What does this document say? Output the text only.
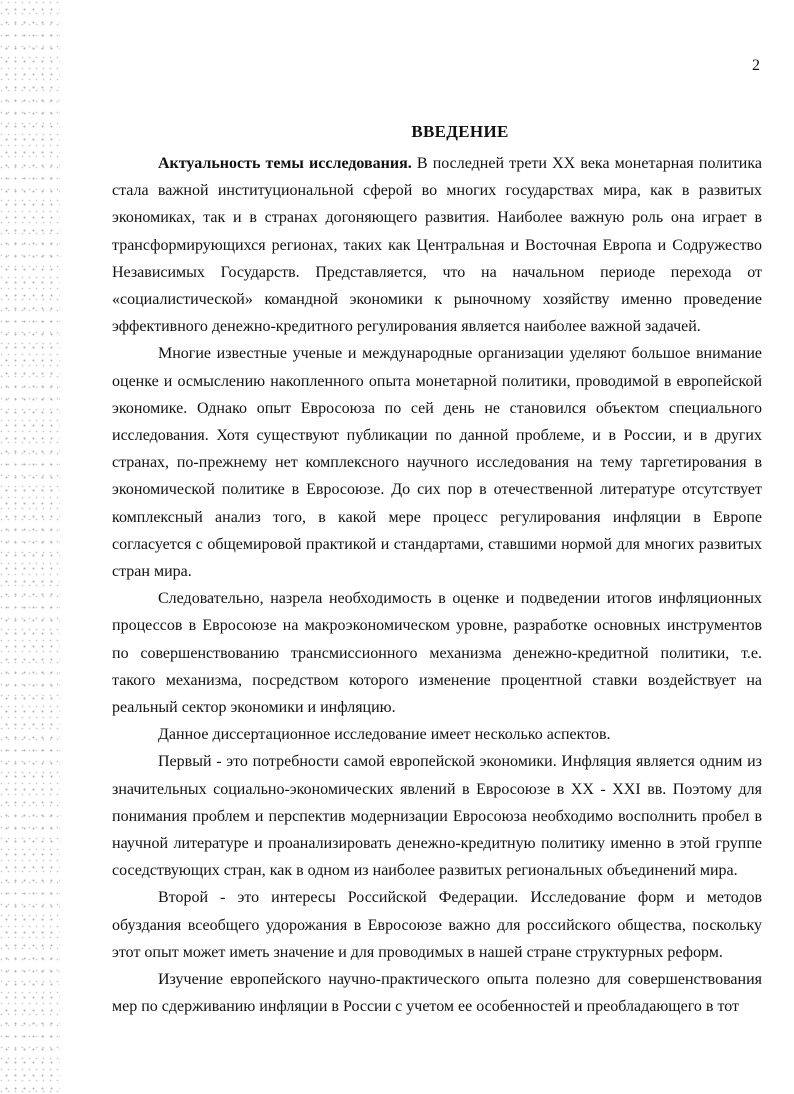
2
ВВЕДЕНИЕ

Актуальность темы исследования. В последней трети XX века монетарная политика стала важной институциональной сферой во многих государствах мира, как в развитых экономиках, так и в странах догоняющего развития. Наиболее важную роль она играет в трансформирующихся регионах, таких как Центральная и Восточная Европа и Содружество Независимых Государств. Представляется, что на начальном периоде перехода от «социалистической» командной экономики к рыночному хозяйству именно проведение эффективного денежно-кредитного регулирования является наиболее важной задачей.

Многие известные ученые и международные организации уделяют большое внимание оценке и осмыслению накопленного опыта монетарной политики, проводимой в европейской экономике. Однако опыт Евросоюза по сей день не становился объектом специального исследования. Хотя существуют публикации по данной проблеме, и в России, и в других странах, по-прежнему нет комплексного научного исследования на тему таргетирования в экономической политике в Евросоюзе. До сих пор в отечественной литературе отсутствует комплексный анализ того, в какой мере процесс регулирования инфляции в Европе согласуется с общемировой практикой и стандартами, ставшими нормой для многих развитых стран мира.

Следовательно, назрела необходимость в оценке и подведении итогов инфляционных процессов в Евросоюзе на макроэкономическом уровне, разработке основных инструментов по совершенствованию трансмиссионного механизма денежно-кредитной политики, т.е. такого механизма, посредством которого изменение процентной ставки воздействует на реальный сектор экономики и инфляцию.

Данное диссертационное исследование имеет несколько аспектов.

Первый - это потребности самой европейской экономики. Инфляция является одним из значительных социально-экономических явлений в Евросоюзе в XX - XXI вв. Поэтому для понимания проблем и перспектив модернизации Евросоюза необходимо восполнить пробел в научной литературе и проанализировать денежно-кредитную политику именно в этой группе соседствующих стран, как в одном из наиболее развитых региональных объединений мира.

Второй - это интересы Российской Федерации. Исследование форм и методов обуздания всеобщего удорожания в Евросоюзе важно для российского общества, поскольку этот опыт может иметь значение и для проводимых в нашей стране структурных реформ.

Изучение европейского научно-практического опыта полезно для совершенствования мер по сдерживанию инфляции в России с учетом ее особенностей и преобладающего в тот
